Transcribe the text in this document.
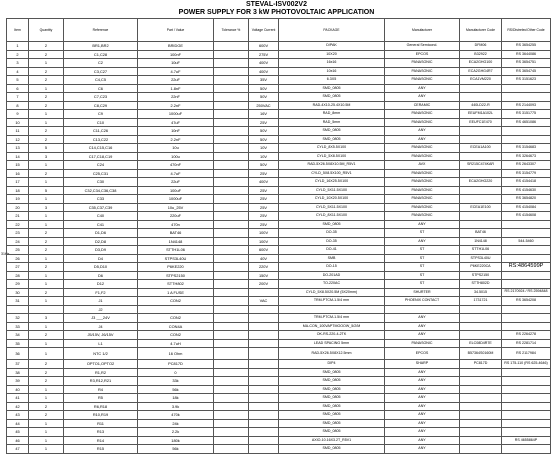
STEVAL-ISV002V2
POWER SUPPLY FOR 3 kW PHOTOVOLTAIC APPLICATION
31bis
Item	Quantity	Reference	Part / Value	Tolerance %	Voltage Current	PACKAGE	Manufacturer	Manufacturer Code	RS/Distrelec/Other Code
1	2	BR1,BR2	BRIDGE		600V	D/PAK	General Semicond.	DFM06	RS 3654255
2	2	C1,C28	100nF		275V	10X20	EPCOS	B32922	RS 3644086
3	1	C2	10uF		400V	16x16	PANASONIC	ECA2GHG100	RS 3654751
4	2	C3,C27	4.7uF		400V	10x16	PANASONIC	ECA2GHG4R7	RS 3654745
5	2	C4,C5	22uF		35V	6.3X5	PANASONIC	ECA1VM220	RS 3151623
6	1	C6	1.8nF		50V	SMD_0805	ANY		
7	2	C7,C23	22nF		50V	SMD_0805	ANY		
8	2	C8,C29	2.2nF		250VAC	RAD-4X10-25.4X10.5M	CERAMIC	440LD22-R	RS 2144093
9	1	C9	1000uF		16V	RAD_8mm	PANASONIC	EEUFM1A102L	RS 3151775
10	1	C10	47uF		25V	RAD_5mm	PANASONIC	EEUFC1E470	RS 4651086
11	2	C11,C26	10nF		50V	SMD_0805	ANY		
12	2	C13,C22	2.2nF		50V	SMD_0805	ANY		
13	5	C14,C15,C16	10u		10V	CYLD_8X5.5X100	PANASONIC	ECEA1A100	RS 3154683
14	3	C17,C18,C19	100u		10V	CYLD_5X8.5X100	PANASONIC		RS 3264673
15	1	C24	470nF		50V	RAD-5X26.5X8X10.5M_R5V1	AVX	SR215C474KAR	RS 2643307
16	2	C25,C31	4.7uF		25V	CYLD_5X8.5X100_R5V1	PANASONIC		RS 3154779
17	1	C30	22uF		400V	CYLD_16X25.5X100	PANASONIC	ECA2GHG220	RS 4154418
18	5	C32,C34,C36,C38	100uF		25V	CYLD_5X11.5X100	PANASONIC		RS 4154630
19	1	C33	1000uF		25V	CYLD_10X20.5X100	PANASONIC		RS 3654820
20	3	C35,C37,C39	10u_25V		25V	CYLD_5X11.5X100	PANASONIC	ECEA1E100	RS 4154084
21	1	C40	220uF		25V	CYLD_8X11.5X100	PANASONIC		RS 4154608
22	1	C41	470n		25V	SMD_0805	ANY		
23	2	D1,D6	BAT46		100V	DO-35	ST	BAT46	
24	2	D2,D8	1N4148		100V	DO-35	ANY	1N4148	544-5460
25	2	D3,D9	STTH1L06		600V	DO-41	ST	STTH1L06	
26	1	D4	STPS3L40U		40V	SMB	ST	STPS3L40U	
27	2	D5,D10	P6KE220		220V	DO-15	ST	P6KE220CA	RS:4864599P
28	1	D6	STPS2150		150V	DO-201AD	ST	STPS2150	
29	1	D12	STTH802		200V	TO-220AC	ST	STTH802D	
30	2	F1,F2	1 A FUSE			CYLD_5X8.5X20.5M (5X20mm)	SHURTER	34.5015	RS 2170924 / RS 2594848
31	1	J1	CON2		VAC	TRM-PTCM-1.5/4 mm	PHOENIX CONTACT	1731721	RS 3654208
		J2							
32	3	J3 ___24V	CON2			TRM-PTCM-1.5/4 mm	ANY		
33	1	J4	CON4A			MA-CON_100VAPTMOOOW_5/2/M	ANY		
34	2	J5/15V, J6/15V	CON2			OK-RS-220-4-2TK	ANY		RS 2264278
35	1	L1	4.7uH			LEAD SPACING 5mm	PANASONIC	ELC08D4R7E	RS 2281714
36	1	NTC 1/2	16 Ohm			RAD-5X26.5X8X12.5mm	EPCOS	B57364S0160M	RS 2117984
37	2	OPTO1,OPTO2	PC817D			DIP4	SHARP	PC817D	RS 175-110 (RS 625-4646)
38	2	R1,R2	0			SMD_0805	ANY		
39	2	R3,R12,R21	33k			SMD_0805	ANY		
40	1	R4	56k			SMD_0805	ANY		
41	1	R5	18k			SMD_0805	ANY		
42	2	R6,R18	3.9k			SMD_0805	ANY		
43	2	R10,R19	470k			SMD_0805	ANY		
44	1	R11	24k			SMD_0805	ANY		
45	1	R13	2.2k			SMD_0805	ANY		
46	1	R14	180k			AXIO-10.16X3.2T_R5V1	ANY		RS 4655864P
47	1	R15	56k			SMD_0805	ANY		
